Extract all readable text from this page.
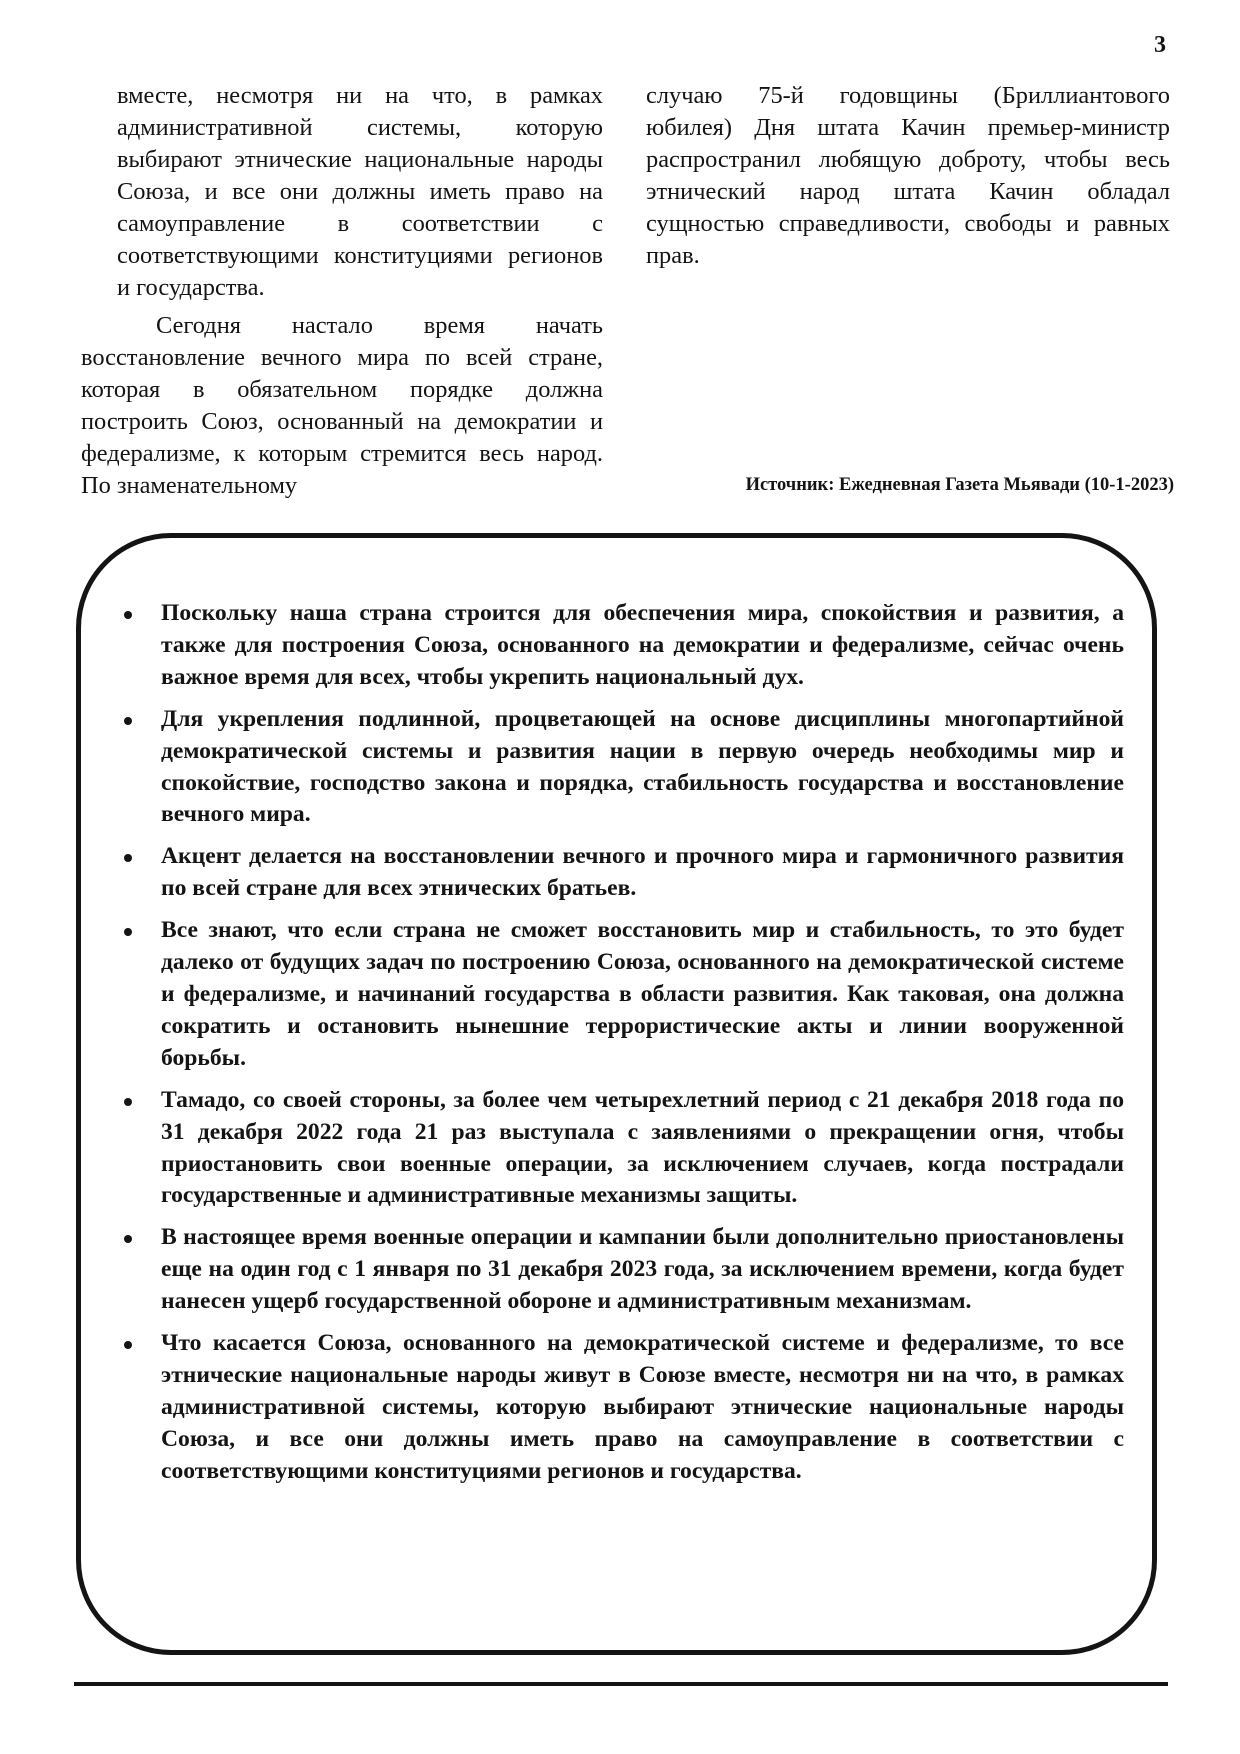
3

вместе, несмотря ни на что, в рамках административной системы, которую выбирают этнические национальные народы Союза, и все они должны иметь право на самоуправление в соответствии с соответствующими конституциями регионов и государства.

Сегодня настало время начать восстановление вечного мира по всей стране, которая в обязательном порядке должна построить Союз, основанный на демократии и федерализме, к которым стремится весь народ. По знаменательному

случаю 75-й годовщины (Бриллиантового юбилея) Дня штата Качин премьер-министр распространил любящую доброту, чтобы весь этнический народ штата Качин обладал сущностью справедливости, свободы и равных прав.

Источник: Ежедневная Газета Мьявади (10-1-2023)
Поскольку наша страна строится для обеспечения мира, спокойствия и развития, а также для построения Союза, основанного на демократии и федерализме, сейчас очень важное время для всех, чтобы укрепить национальный дух.
Для укрепления подлинной, процветающей на основе дисциплины многопартийной демократической системы и развития нации в первую очередь необходимы мир и спокойствие, господство закона и порядка, стабильность государства и восстановление вечного мира.
Акцент делается на восстановлении вечного и прочного мира и гармоничного развития по всей стране для всех этнических братьев.
Все знают, что если страна не сможет восстановить мир и стабильность, то это будет далеко от будущих задач по построению Союза, основанного на демократической системе и федерализме, и начинаний государства в области развития. Как таковая, она должна сократить и остановить нынешние террористические акты и линии вооруженной борьбы.
Тамадо, со своей стороны, за более чем четырехлетний период с 21 декабря 2018 года по 31 декабря 2022 года 21 раз выступала с заявлениями о прекращении огня, чтобы приостановить свои военные операции, за исключением случаев, когда пострадали государственные и административные механизмы защиты.
В настоящее время военные операции и кампании были дополнительно приостановлены еще на один год с 1 января по 31 декабря 2023 года, за исключением времени, когда будет нанесен ущерб государственной обороне и административным механизмам.
Что касается Союза, основанного на демократической системе и федерализме, то все этнические национальные народы живут в Союзе вместе, несмотря ни на что, в рамках административной системы, которую выбирают этнические национальные народы Союза, и все они должны иметь право на самоуправление в соответствии с соответствующими конституциями регионов и государства.
